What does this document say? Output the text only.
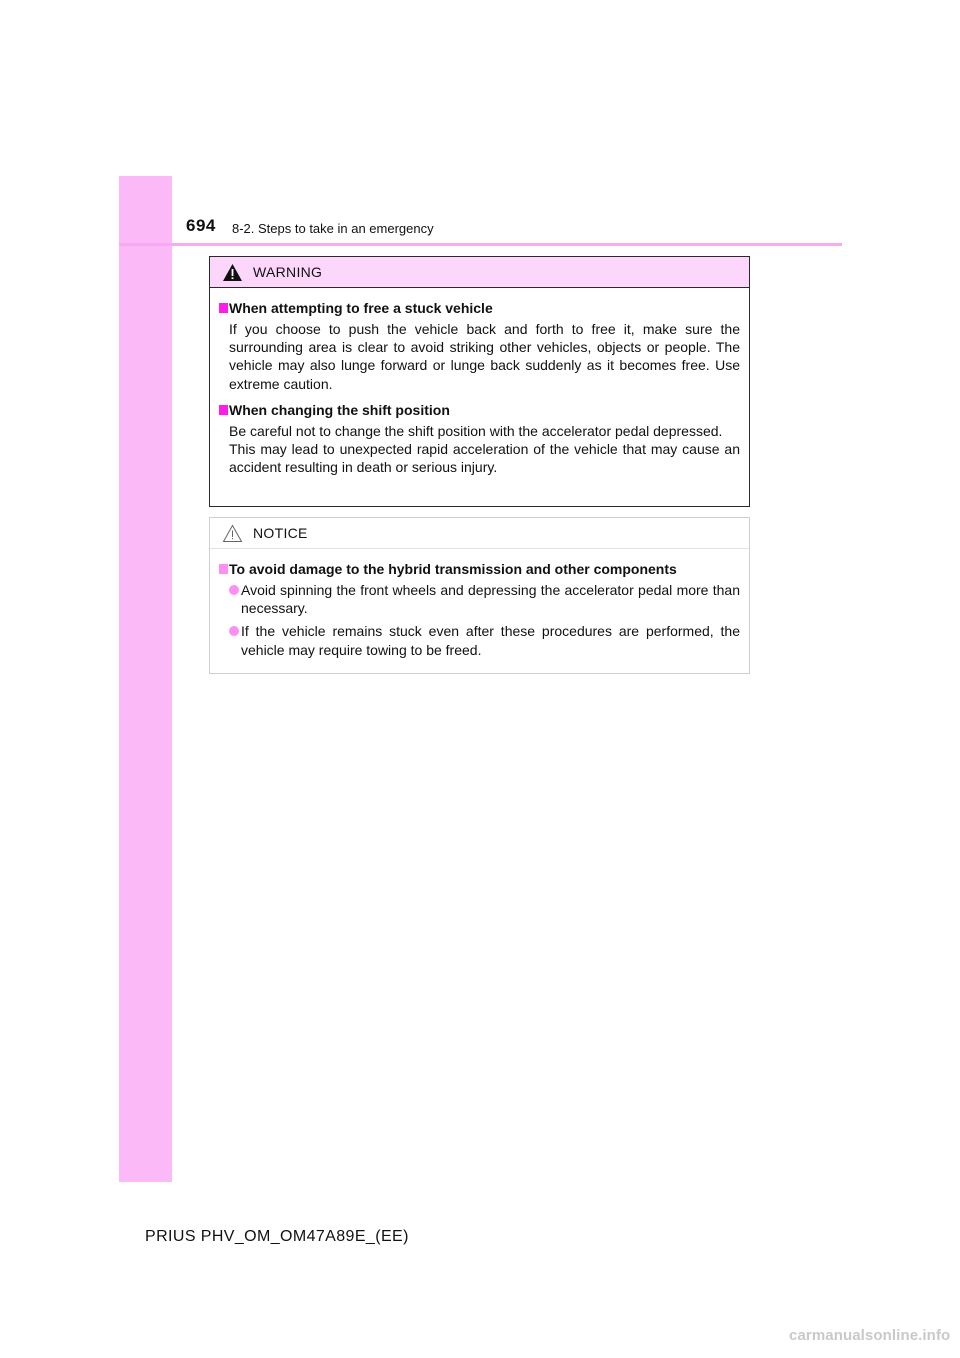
694 8-2. Steps to take in an emergency
WARNING
When attempting to free a stuck vehicle
If you choose to push the vehicle back and forth to free it, make sure the surrounding area is clear to avoid striking other vehicles, objects or people. The vehicle may also lunge forward or lunge back suddenly as it becomes free. Use extreme caution.
When changing the shift position
Be careful not to change the shift position with the accelerator pedal depressed.
This may lead to unexpected rapid acceleration of the vehicle that may cause an accident resulting in death or serious injury.
NOTICE
To avoid damage to the hybrid transmission and other components
Avoid spinning the front wheels and depressing the accelerator pedal more than necessary.
If the vehicle remains stuck even after these procedures are performed, the vehicle may require towing to be freed.
PRIUS PHV_OM_OM47A89E_(EE)
carmanualsonline.info
